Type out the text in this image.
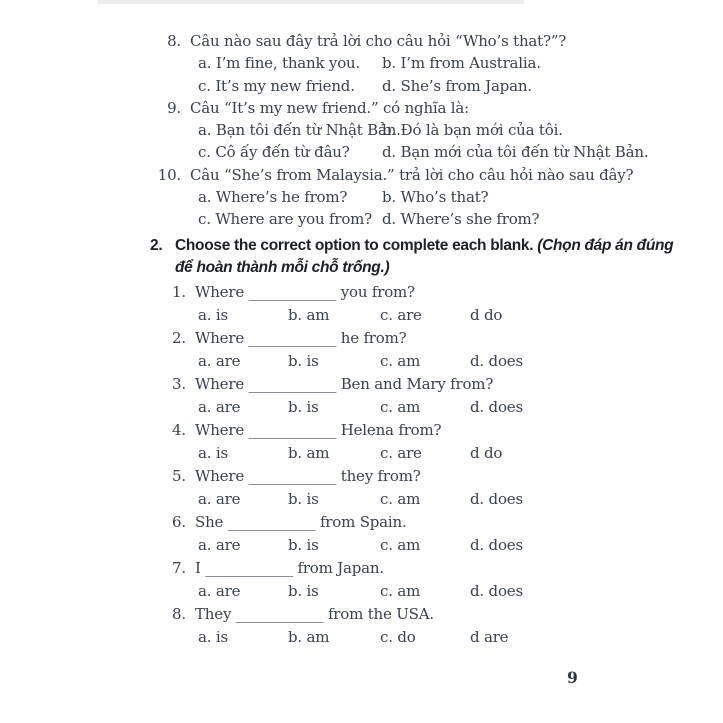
8. Câu nào sau đây trả lời cho câu hỏi “Who’s that?”?
a. I’m fine, thank you.	b. I’m from Australia.
c. It’s my new friend.	d. She’s from Japan.
9. Câu “It’s my new friend.” có nghĩa là:
a. Bạn tôi đến từ Nhật Bản.
b. Đó là bạn mới của tôi.
c. Cô ấy đến từ đâu?	d. Bạn mới của tôi đến từ Nhật Bản.
10. Câu “She’s from Malaysia.” trả lời cho câu hỏi nào sau đây?
a. Where’s he from?	b. Who’s that?
c. Where are you from? d. Where’s she from?
2. Choose the correct option to complete each blank. (Chọn đáp án đúng
để hoàn thành mỗi chỗ trống.)
1. Where ____________ you from?
a. is	b. am	c. are	d do
2. Where ____________ he from?
a. are	b. is	c. am	d. does
3. Where ____________ Ben and Mary from?
a. are	b. is	c. am	d. does
4. Where ____________ Helena from?
a. is	b. am	c. are	d do
5. Where ____________ they from?
a. are	b. is	c. am	d. does
6. She ____________ from Spain.
a. are	b. is	c. am	d. does
7. I ____________ from Japan.
a. are	b. is	c. am	d. does
8. They ____________ from the USA.
a. is	b. am	c. do	d are
9
